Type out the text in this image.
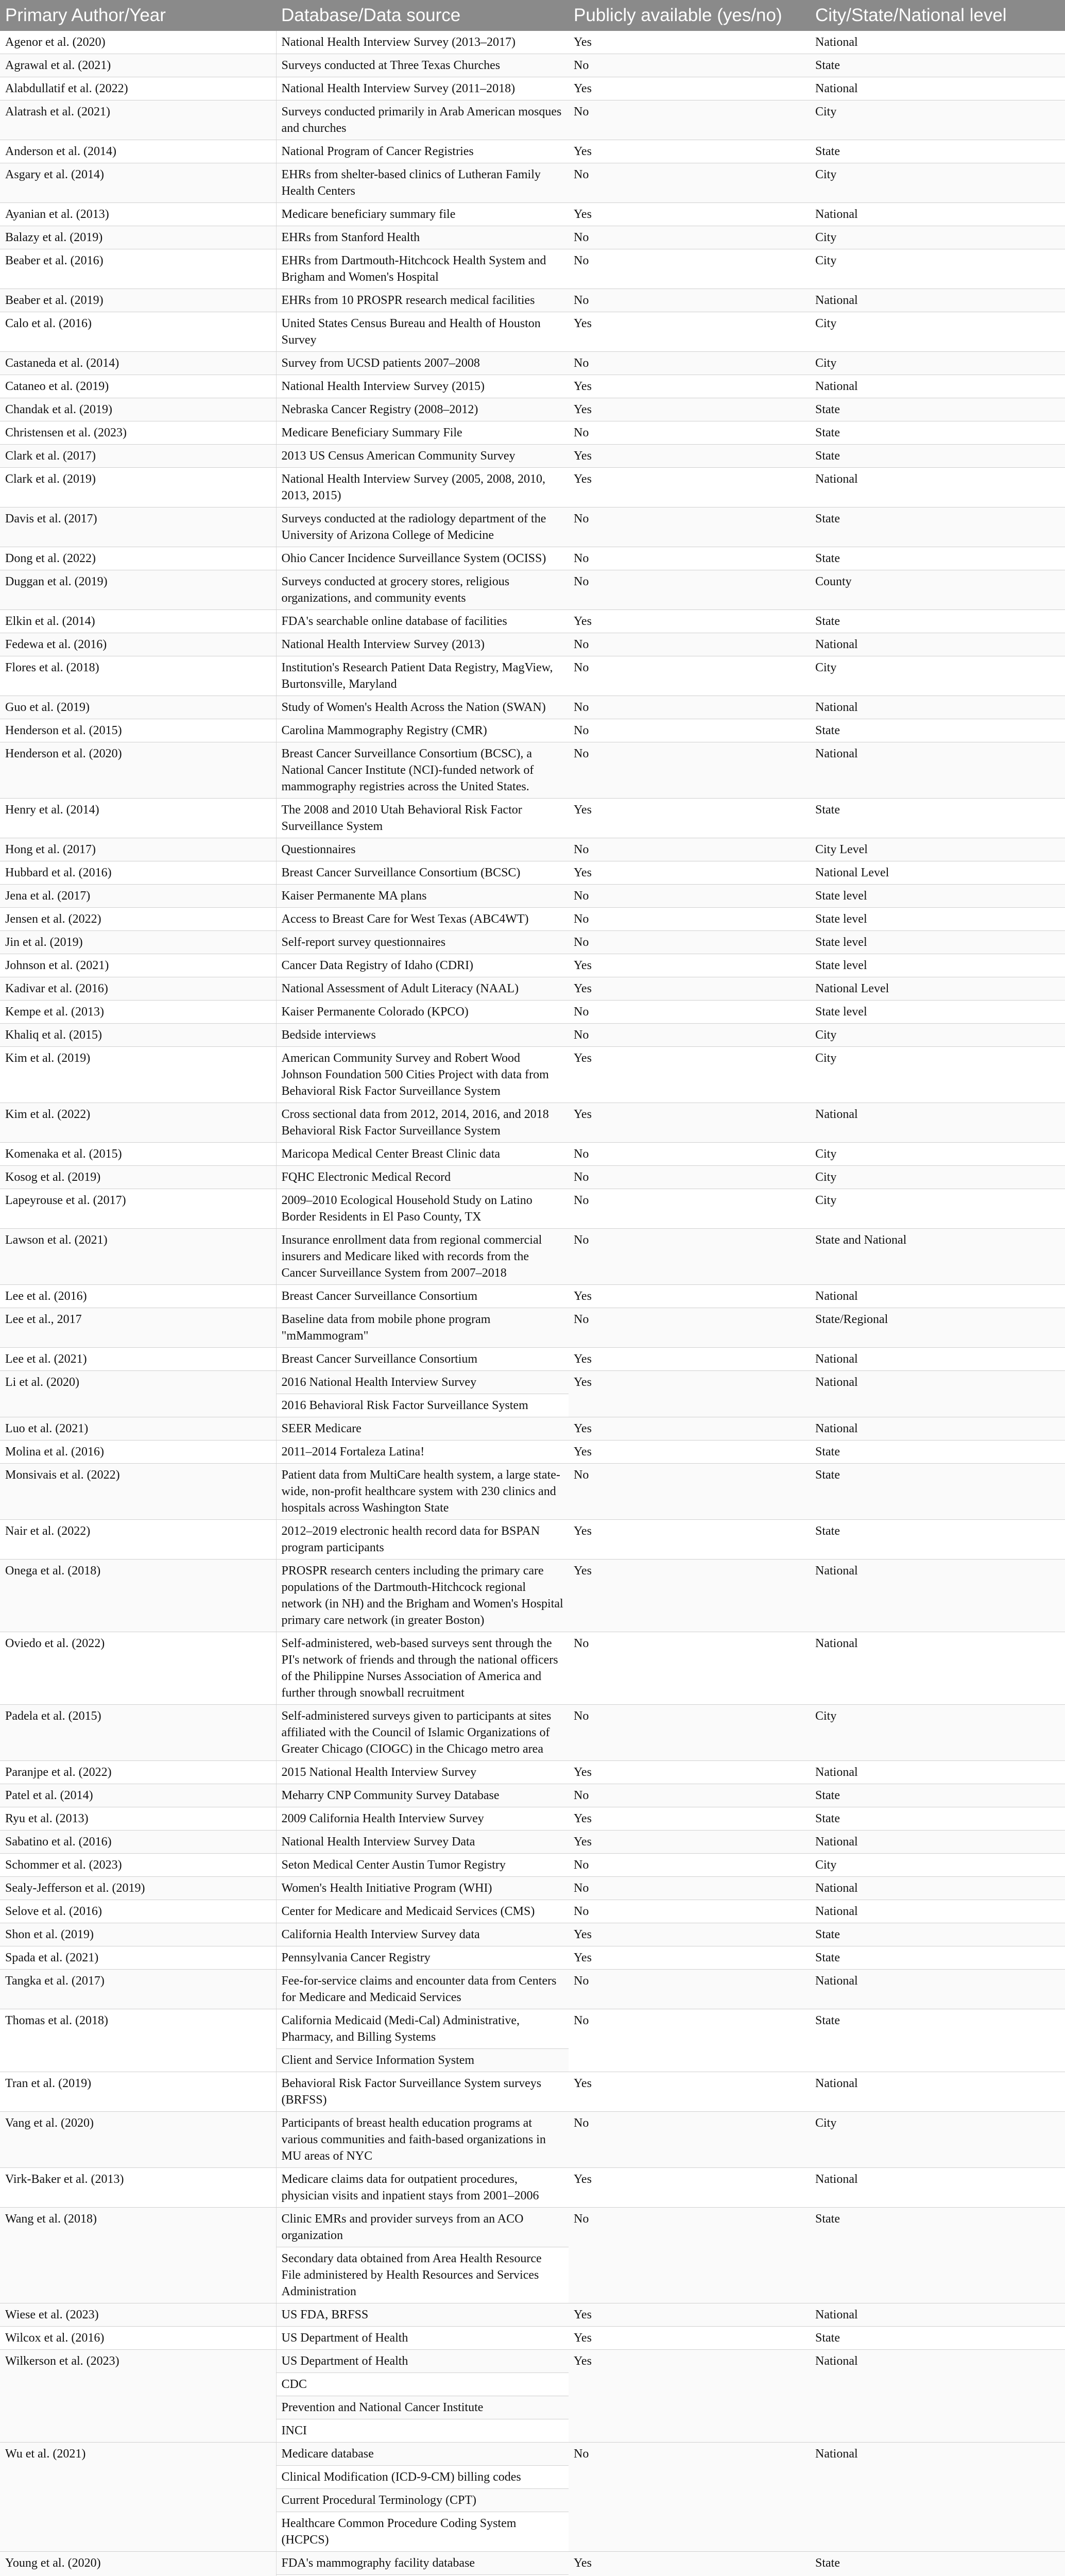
Primary Author/Year	Database/Data source	Publicly available (yes/no)	City/State/National level
Agenor et al. (2020)	National Health Interview Survey (2013–2017)	Yes	National
Agrawal et al. (2021)	Surveys conducted at Three Texas Churches	No	State
Alabdullatif et al. (2022)	National Health Interview Survey (2011–2018)	Yes	National
Alatrash et al. (2021)	Surveys conducted primarily in Arab American mosques and churches	No	City
Anderson et al. (2014)	National Program of Cancer Registries	Yes	State
Asgary et al. (2014)	EHRs from shelter-based clinics of Lutheran Family Health Centers	No	City
Ayanian et al. (2013)	Medicare beneficiary summary file	Yes	National
Balazy et al. (2019)	EHRs from Stanford Health	No	City
Beaber et al. (2016)	EHRs from Dartmouth-Hitchcock Health System and Brigham and Women's Hospital	No	City
Beaber et al. (2019)	EHRs from 10 PROSPR research medical facilities	No	National
Calo et al. (2016)	United States Census Bureau and Health of Houston Survey	Yes	City
Castaneda et al. (2014)	Survey from UCSD patients 2007–2008	No	City
Cataneo et al. (2019)	National Health Interview Survey (2015)	Yes	National
Chandak et al. (2019)	Nebraska Cancer Registry (2008–2012)	Yes	State
Christensen et al. (2023)	Medicare Beneficiary Summary File	No	State
Clark et al. (2017)	2013 US Census American Community Survey	Yes	State
Clark et al. (2019)	National Health Interview Survey (2005, 2008, 2010, 2013, 2015)	Yes	National
Davis et al. (2017)	Surveys conducted at the radiology department of the University of Arizona College of Medicine	No	State
Dong et al. (2022)	Ohio Cancer Incidence Surveillance System (OCISS)	No	State
Duggan et al. (2019)	Surveys conducted at grocery stores, religious organizations, and community events	No	County
Elkin et al. (2014)	FDA's searchable online database of facilities	Yes	State
Fedewa et al. (2016)	National Health Interview Survey (2013)	No	National
Flores et al. (2018)	Institution's Research Patient Data Registry, MagView, Burtonsville, Maryland	No	City
Guo et al. (2019)	Study of Women's Health Across the Nation (SWAN)	No	National
Henderson et al. (2015)	Carolina Mammography Registry (CMR)	No	State
Henderson et al. (2020)	Breast Cancer Surveillance Consortium (BCSC), a National Cancer Institute (NCI)-funded network of mammography registries across the United States.	No	National
Henry et al. (2014)	The 2008 and 2010 Utah Behavioral Risk Factor Surveillance System	Yes	State
Hong et al. (2017)	Questionnaires	No	City Level
Hubbard et al. (2016)	Breast Cancer Surveillance Consortium (BCSC)	Yes	National Level
Jena et al. (2017)	Kaiser Permanente MA plans	No	State level
Jensen et al. (2022)	Access to Breast Care for West Texas (ABC4WT)	No	State level
Jin et al. (2019)	Self-report survey questionnaires	No	State level
Johnson et al. (2021)	Cancer Data Registry of Idaho (CDRI)	Yes	State level
Kadivar et al. (2016)	National Assessment of Adult Literacy (NAAL)	Yes	National Level
Kempe et al. (2013)	Kaiser Permanente Colorado (KPCO)	No	State level
Khaliq et al. (2015)	Bedside interviews	No	City
Kim et al. (2019)	American Community Survey and Robert Wood Johnson Foundation 500 Cities Project with data from Behavioral Risk Factor Surveillance System	Yes	City
Kim et al. (2022)	Cross sectional data from 2012, 2014, 2016, and 2018 Behavioral Risk Factor Surveillance System	Yes	National
Komenaka et al. (2015)	Maricopa Medical Center Breast Clinic data	No	City
Kosog et al. (2019)	FQHC Electronic Medical Record	No	City
Lapeyrouse et al. (2017)	2009–2010 Ecological Household Study on Latino Border Residents in El Paso County, TX	No	City
Lawson et al. (2021)	Insurance enrollment data from regional commercial insurers and Medicare liked with records from the Cancer Surveillance System from 2007–2018	No	State and National
Lee et al. (2016)	Breast Cancer Surveillance Consortium	Yes	National
Lee et al., 2017	Baseline data from mobile phone program "mMammogram"	No	State/Regional
Lee et al. (2021)	Breast Cancer Surveillance Consortium	Yes	National
Li et al. (2020)	2016 National Health Interview Survey	Yes	National
	2016 Behavioral Risk Factor Surveillance System		
Luo et al. (2021)	SEER Medicare	Yes	National
Molina et al. (2016)	2011–2014 Fortaleza Latina!	Yes	State
Monsivais et al. (2022)	Patient data from MultiCare health system, a large state-wide, non-profit healthcare system with 230 clinics and hospitals across Washington State	No	State
Nair et al. (2022)	2012–2019 electronic health record data for BSPAN program participants	Yes	State
Onega et al. (2018)	PROSPR research centers including the primary care populations of the Dartmouth-Hitchcock regional network (in NH) and the Brigham and Women's Hospital primary care network (in greater Boston)	Yes	National
Oviedo et al. (2022)	Self-administered, web-based surveys sent through the PI's network of friends and through the national officers of the Philippine Nurses Association of America and further through snowball recruitment	No	National
Padela et al. (2015)	Self-administered surveys given to participants at sites affiliated with the Council of Islamic Organizations of Greater Chicago (CIOGC) in the Chicago metro area	No	City
Paranjpe et al. (2022)	2015 National Health Interview Survey	Yes	National
Patel et al. (2014)	Meharry CNP Community Survey Database	No	State
Ryu et al. (2013)	2009 California Health Interview Survey	Yes	State
Sabatino et al. (2016)	National Health Interview Survey Data	Yes	National
Schommer et al. (2023)	Seton Medical Center Austin Tumor Registry	No	City
Sealy-Jefferson et al. (2019)	Women's Health Initiative Program (WHI)	No	National
Selove et al. (2016)	Center for Medicare and Medicaid Services (CMS)	No	National
Shon et al. (2019)	California Health Interview Survey data	Yes	State
Spada et al. (2021)	Pennsylvania Cancer Registry	Yes	State
Tangka et al. (2017)	Fee-for-service claims and encounter data from Centers for Medicare and Medicaid Services	No	National
Thomas et al. (2018)	California Medicaid (Medi-Cal) Administrative, Pharmacy, and Billing Systems	No	State
	Client and Service Information System		
Tran et al. (2019)	Behavioral Risk Factor Surveillance System surveys (BRFSS)	Yes	National
Vang et al. (2020)	Participants of breast health education programs at various communities and faith-based organizations in MU areas of NYC	No	City
Virk-Baker et al. (2013)	Medicare claims data for outpatient procedures, physician visits and inpatient stays from 2001–2006	Yes	National
Wang et al. (2018)	Clinic EMRs and provider surveys from an ACO organization	No	State
	Secondary data obtained from Area Health Resource File administered by Health Resources and Services Administration		
Wiese et al. (2023)	US FDA, BRFSS	Yes	National
Wilcox et al. (2016)	US Department of Health	Yes	State
Wilkerson et al. (2023)	US Department of Health	Yes	National
	CDC		
	Prevention and National Cancer Institute		
	INCI		
Wu et al. (2021)	Medicare database	No	National
	Clinical Modification (ICD-9-CM) billing codes		
	Current Procedural Terminology (CPT)		
	Healthcare Common Procedure Coding System (HCPCS)		
Young et al. (2020)	FDA's mammography facility database	Yes	State
